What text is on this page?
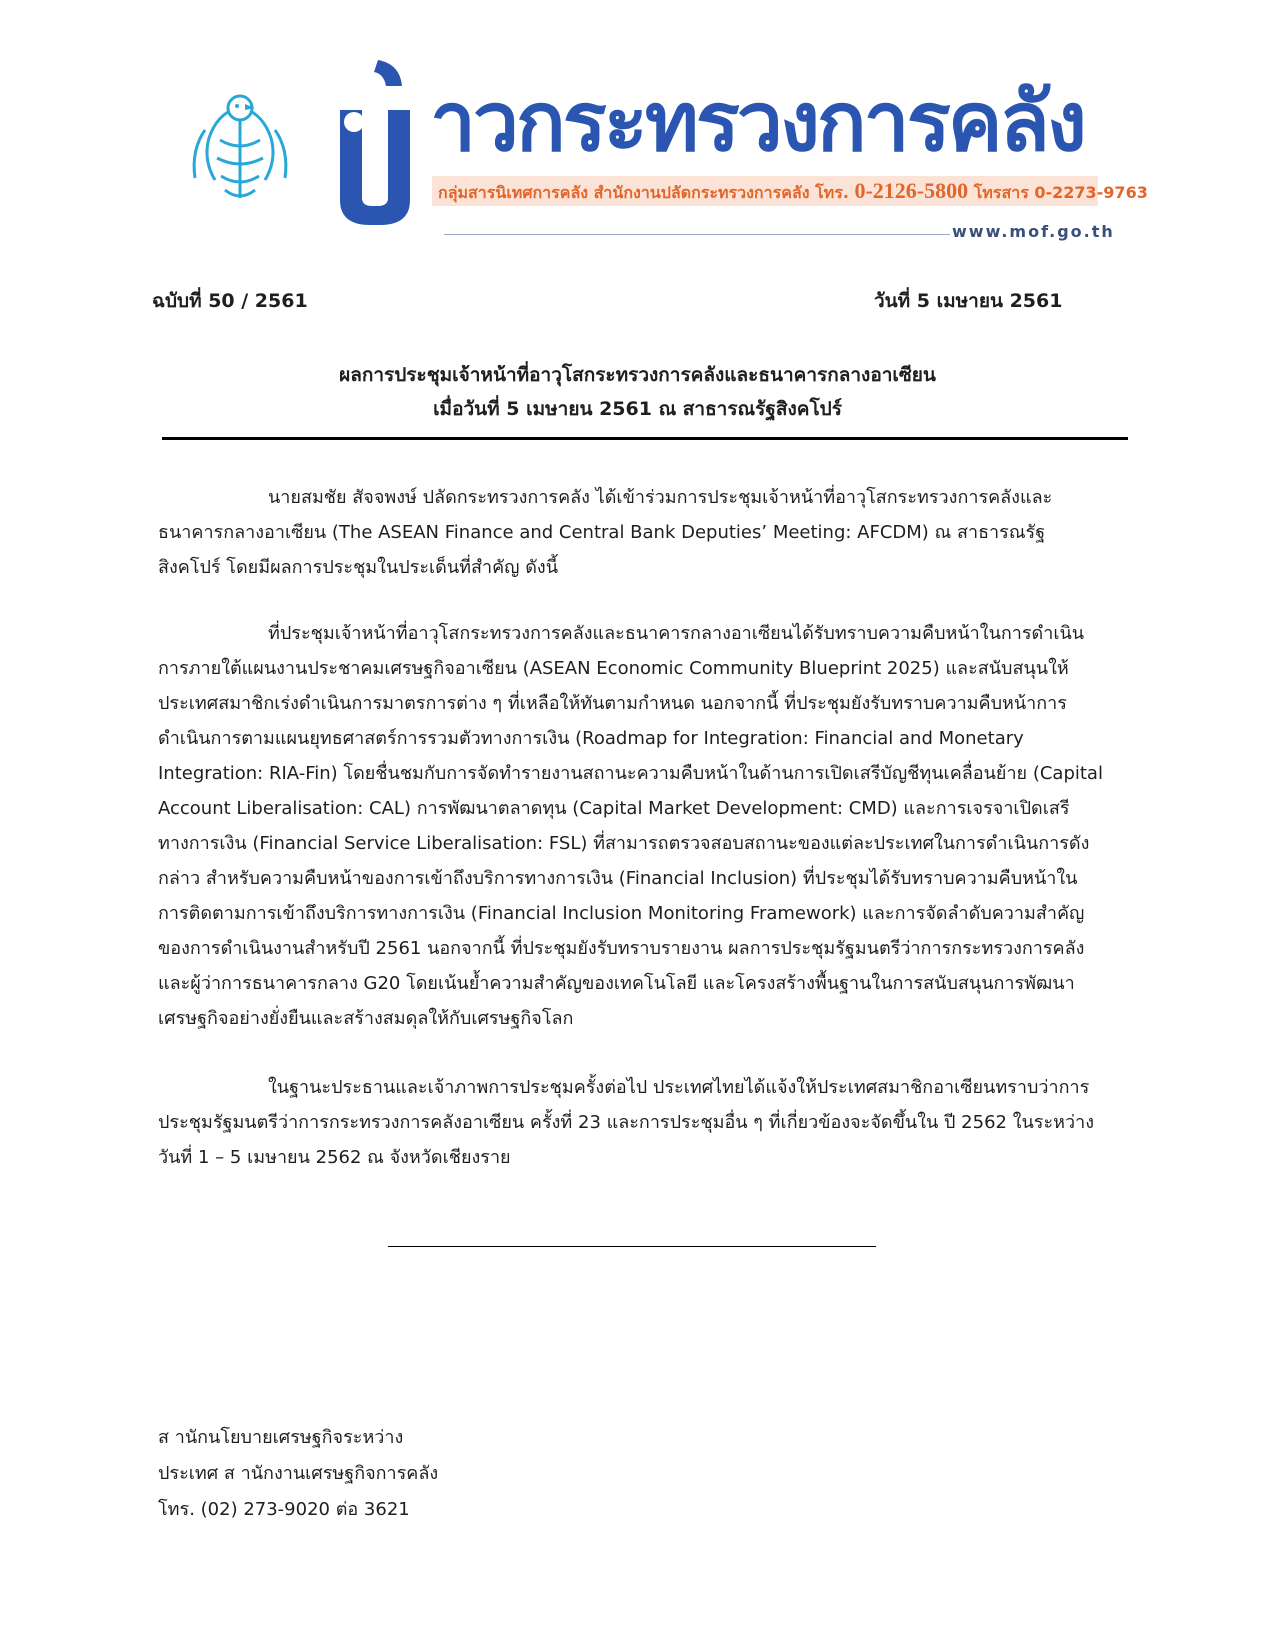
าวกระทรวงการคลัง
กลุ่มสารนิเทศการคลัง สำนักงานปลัดกระทรวงการคลัง โทร. 0-2126-5800 โทรสาร 0-2273-9763
www.mof.go.th
ฉบับที่ 50 / 2561	วันที่ 5 เมษายน 2561
ผลการประชุมเจ้าหน้าที่อาวุโสกระทรวงการคลังและธนาคารกลางอาเซียน
เมื่อวันที่ 5 เมษายน 2561 ณ สาธารณรัฐสิงคโปร์

นายสมชัย สัจจพงษ์ ปลัดกระทรวงการคลัง ได้เข้าร่วมการประชุมเจ้าหน้าที่อาวุโสกระทรวงการคลังและธนาคารกลางอาเซียน (The ASEAN Finance and Central Bank Deputies’ Meeting: AFCDM) ณ สาธารณรัฐสิงคโปร์ โดยมีผลการประชุมในประเด็นที่สำคัญ ดังนี้

ที่ประชุมเจ้าหน้าที่อาวุโสกระทรวงการคลังและธนาคารกลางอาเซียนได้รับทราบความคืบหน้าในการดำเนินการภายใต้แผนงานประชาคมเศรษฐกิจอาเซียน (ASEAN Economic Community Blueprint 2025) และสนับสนุนให้ประเทศสมาชิกเร่งดำเนินการมาตรการต่าง ๆ ที่เหลือให้ทันตามกำหนด นอกจากนี้ ที่ประชุมยังรับทราบความคืบหน้าการดำเนินการตามแผนยุทธศาสตร์การรวมตัวทางการเงิน (Roadmap for Integration: Financial and Monetary Integration: RIA-Fin) โดยชื่นชมกับการจัดทำรายงานสถานะความคืบหน้าในด้านการเปิดเสรีบัญชีทุนเคลื่อนย้าย (Capital Account Liberalisation: CAL) การพัฒนาตลาดทุน (Capital Market Development: CMD) และการเจรจาเปิดเสรีทางการเงิน (Financial Service Liberalisation: FSL) ที่สามารถตรวจสอบสถานะของแต่ละประเทศในการดำเนินการดังกล่าว สำหรับความคืบหน้าของการเข้าถึงบริการทางการเงิน (Financial Inclusion) ที่ประชุมได้รับทราบความคืบหน้าในการติดตามการเข้าถึงบริการทางการเงิน (Financial Inclusion Monitoring Framework) และการจัดลำดับความสำคัญของการดำเนินงานสำหรับปี 2561 นอกจากนี้ ที่ประชุมยังรับทราบรายงาน ผลการประชุมรัฐมนตรีว่าการกระทรวงการคลังและผู้ว่าการธนาคารกลาง G20 โดยเน้นย้ำความสำคัญของเทคโนโลยี และโครงสร้างพื้นฐานในการสนับสนุนการพัฒนาเศรษฐกิจอย่างยั่งยืนและสร้างสมดุลให้กับเศรษฐกิจโลก

ในฐานะประธานและเจ้าภาพการประชุมครั้งต่อไป ประเทศไทยได้แจ้งให้ประเทศสมาชิกอาเซียนทราบว่าการประชุมรัฐมนตรีว่าการกระทรวงการคลังอาเซียน ครั้งที่ 23 และการประชุมอื่น ๆ ที่เกี่ยวข้องจะจัดขึ้นใน ปี 2562 ในระหว่างวันที่ 1 – 5 เมษายน 2562 ณ จังหวัดเชียงราย

ส านักนโยบายเศรษฐกิจระหว่าง
ประเทศ ส านักงานเศรษฐกิจการคลัง
โทร. (02) 273-9020 ต่อ 3621
